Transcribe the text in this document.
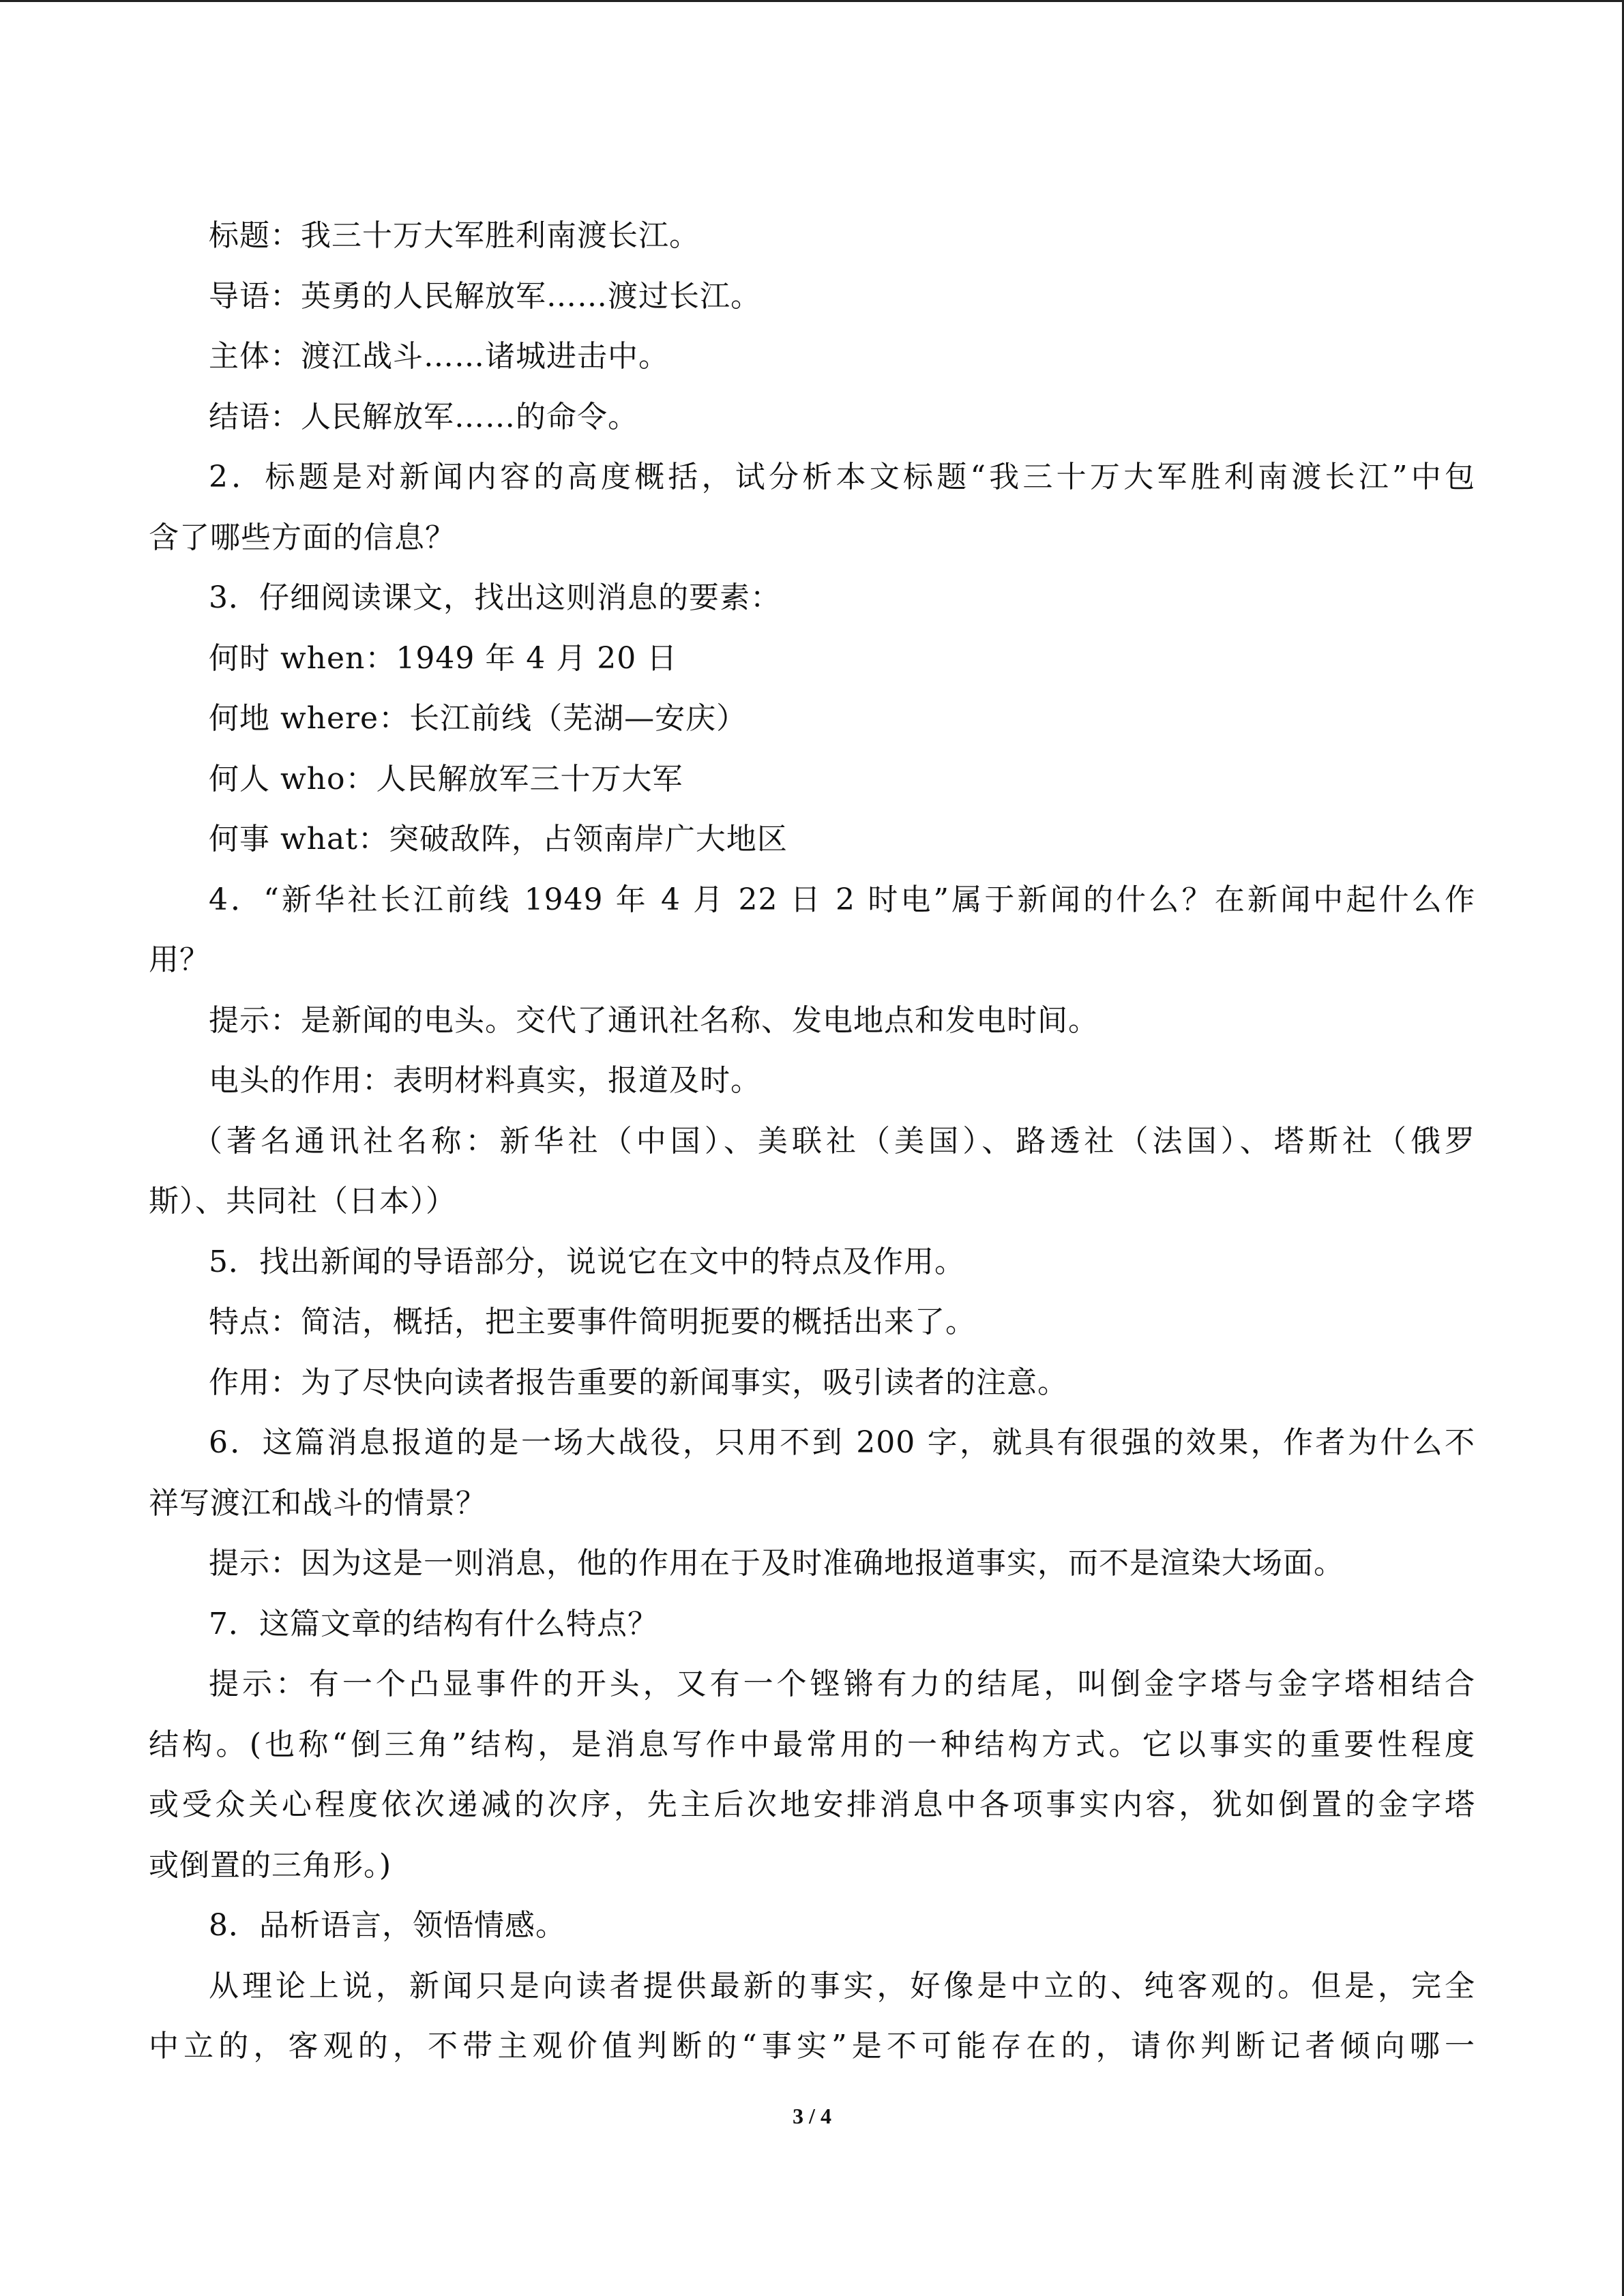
标题：我三十万大军胜利南渡长江。
导语：英勇的人民解放军……渡过长江。
主体：渡江战斗……诸城进击中。
结语：人民解放军……的命令。
2．标题是对新闻内容的高度概括，试分析本文标题“我三十万大军胜利南渡长江”中包
含了哪些方面的信息？
3．仔细阅读课文，找出这则消息的要素：
何时 when：1949 年 4 月 20 日
何地 where：长江前线（芜湖—安庆）
何人 who：人民解放军三十万大军
何事 what：突破敌阵，占领南岸广大地区
4．“新华社长江前线 1949 年 4 月 22 日 2 时电”属于新闻的什么？在新闻中起什么作
用？
提示：是新闻的电头。交代了通讯社名称、发电地点和发电时间。
电头的作用：表明材料真实，报道及时。
（著名通讯社名称：新华社（中国）、美联社（美国）、路透社（法国）、塔斯社（俄罗
斯）、共同社（日本））
5．找出新闻的导语部分，说说它在文中的特点及作用。
特点：简洁，概括，把主要事件简明扼要的概括出来了。
作用：为了尽快向读者报告重要的新闻事实，吸引读者的注意。
6．这篇消息报道的是一场大战役，只用不到 200 字，就具有很强的效果，作者为什么不
祥写渡江和战斗的情景？
提示：因为这是一则消息，他的作用在于及时准确地报道事实，而不是渲染大场面。
7．这篇文章的结构有什么特点？
提示：有一个凸显事件的开头，又有一个铿锵有力的结尾，叫倒金字塔与金字塔相结合
结构。(也称“倒三角”结构，是消息写作中最常用的一种结构方式。它以事实的重要性程度
或受众关心程度依次递减的次序，先主后次地安排消息中各项事实内容，犹如倒置的金字塔
或倒置的三角形。)
8．品析语言，领悟情感。
从理论上说，新闻只是向读者提供最新的事实，好像是中立的、纯客观的。但是，完全
中立的，客观的，不带主观价值判断的“事实”是不可能存在的，请你判断记者倾向哪一
3 / 4
